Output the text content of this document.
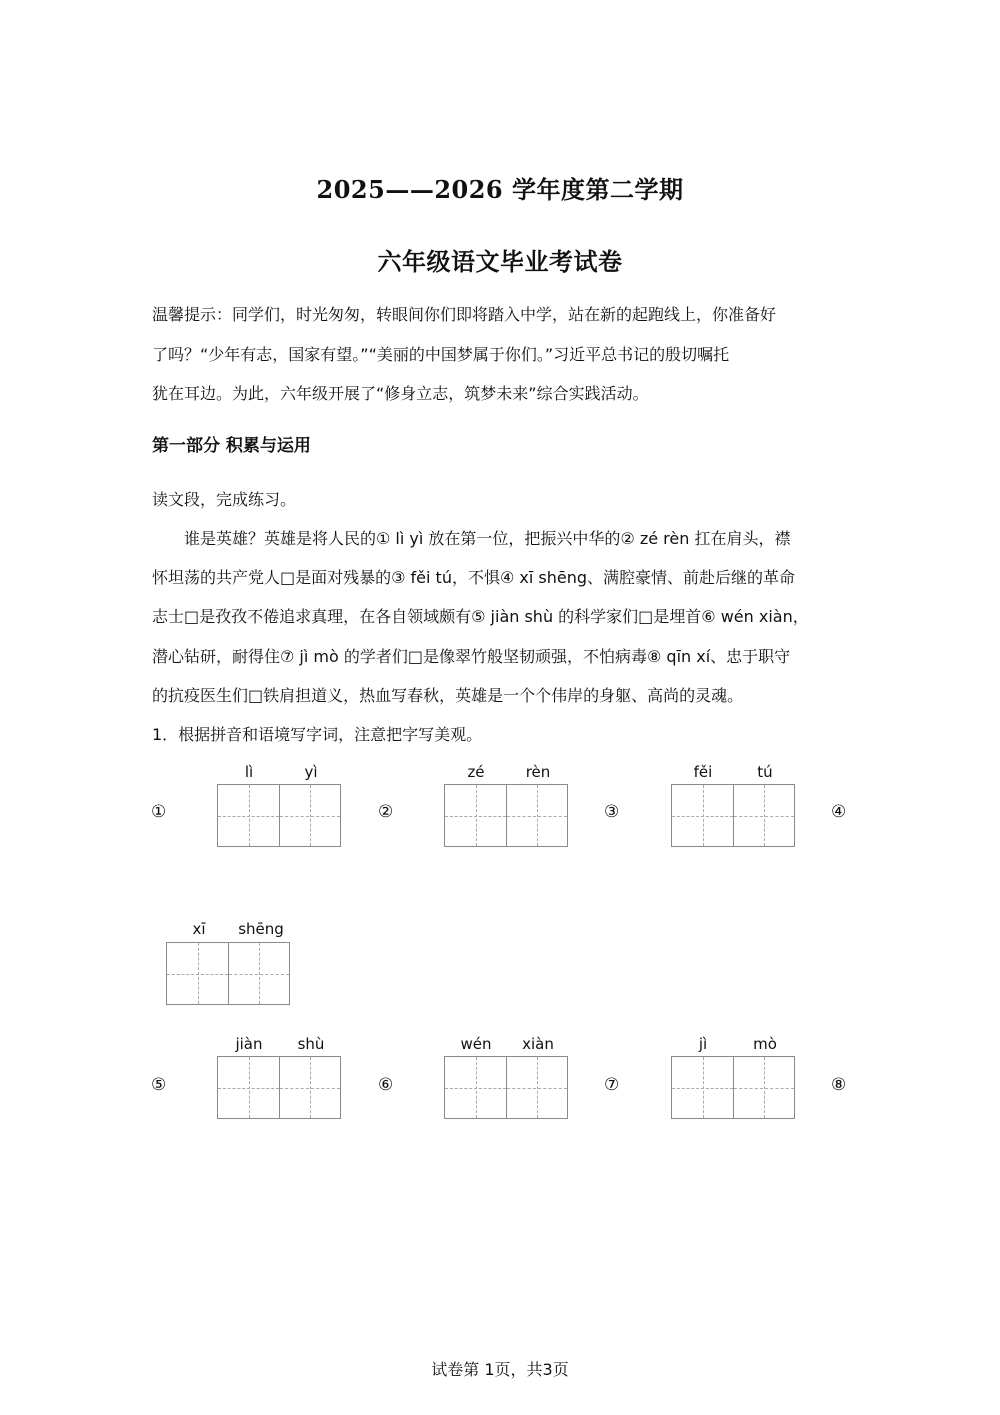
2025——2026 学年度第二学期
六年级语文毕业考试卷
温馨提示：同学们，时光匆匆，转眼间你们即将踏入中学，站在新的起跑线上，你准备好
了吗？“少年有志，国家有望。”“美丽的中国梦属于你们。”习近平总书记的殷切嘱托
犹在耳边。为此，六年级开展了“修身立志，筑梦未来”综合实践活动。
第一部分 积累与运用
读文段，完成练习。
　　谁是英雄？英雄是将人民的① lì yì 放在第一位，把振兴中华的② zé rèn 扛在肩头，襟
怀坦荡的共产党人□是面对残暴的③ fěi tú，不惧④ xī shēng、满腔豪情、前赴后继的革命
志士□是孜孜不倦追求真理，在各自领域颇有⑤ jiàn shù 的科学家们□是埋首⑥ wén xiàn，
潜心钻研，耐得住⑦ jì mò 的学者们□是像翠竹般坚韧顽强，不怕病毒⑧ qīn xí、忠于职守
的抗疫医生们□铁肩担道义，热血写春秋，英雄是一个个伟岸的身躯、高尚的灵魂。
1．根据拼音和语境写字词，注意把字写美观。
①
lì	yì
②
zé	rèn
③
fěi	tú
④
xī	shēng
⑤
jiàn	shù
⑥
wén	xiàn
⑦
jì	mò
⑧
试卷第 1页，共3页
